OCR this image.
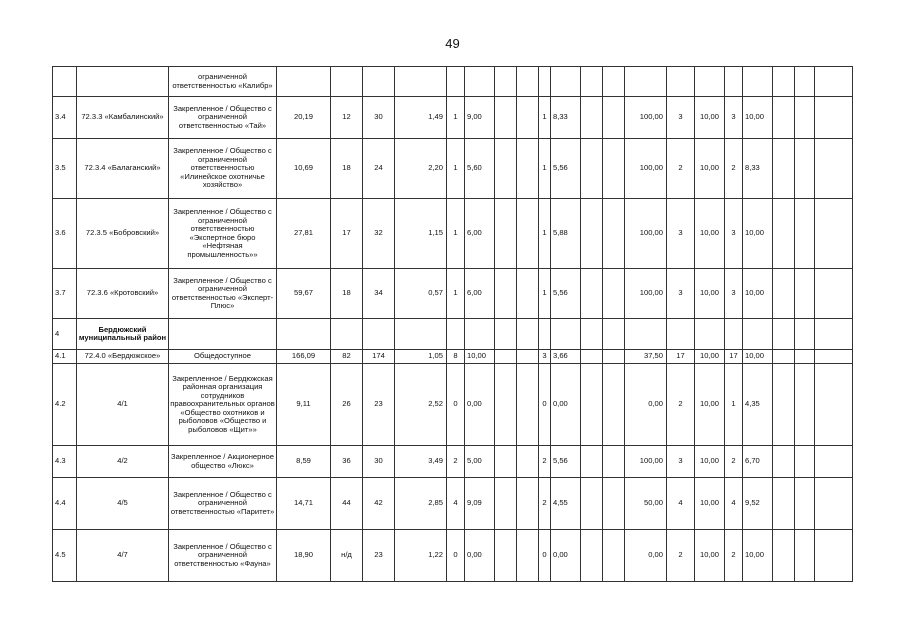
49
		ограниченной ответственностью «Калибр»																				
3.4	72.3.3 «Камбалинский»	Закрепленное / Общество с ограниченной ответственностью «Тай»	20,19	12	30	1,49	1	9,00			1	8,33			100,00	3	10,00	3	10,00			
3.5	72.3.4 «Балаганский»	Закрепленное / Общество с ограниченной ответственностью «Илинейское охотничье хозяйство»	10,69	18	24	2,20	1	5,60			1	5,56			100,00	2	10,00	2	8,33			
3.6	72.3.5 «Бобровский»	Закрепленное / Общество с ограниченной ответственностью «Экспертное бюро «Нефтяная промышленность»»	27,81	17	32	1,15	1	6,00			1	5,88			100,00	3	10,00	3	10,00			
3.7	72.3.6 «Кротовский»	Закрепленное / Общество с ограниченной ответственностью «Эксперт-Плюс»	59,67	18	34	0,57	1	6,00			1	5,56			100,00	3	10,00	3	10,00			
4	Бердюжский муниципальный район																					
4.1	72.4.0 «Бердюжское»	Общедоступное	166,09	82	174	1,05	8	10,00			3	3,66			37,50	17	10,00	17	10,00			
4.2	4/1	Закрепленное / Бердюжская районная организация сотрудников правоохранительных органов «Общество охотников и рыболовов «Общество и рыболовов «Щит»»	9,11	26	23	2,52	0	0,00			0	0,00			0,00	2	10,00	1	4,35			
4.3	4/2	Закрепленное / Акционерное общество «Люкс»	8,59	36	30	3,49	2	5,00			2	5,56			100,00	3	10,00	2	6,70			
4.4	4/5	Закрепленное / Общество с ограниченной ответственностью «Паритет»	14,71	44	42	2,85	4	9,09			2	4,55			50,00	4	10,00	4	9,52			
4.5	4/7	Закрепленное / Общество с ограниченной ответственностью «Фауна»	18,90	н/д	23	1,22	0	0,00			0	0,00			0,00	2	10,00	2	10,00			
